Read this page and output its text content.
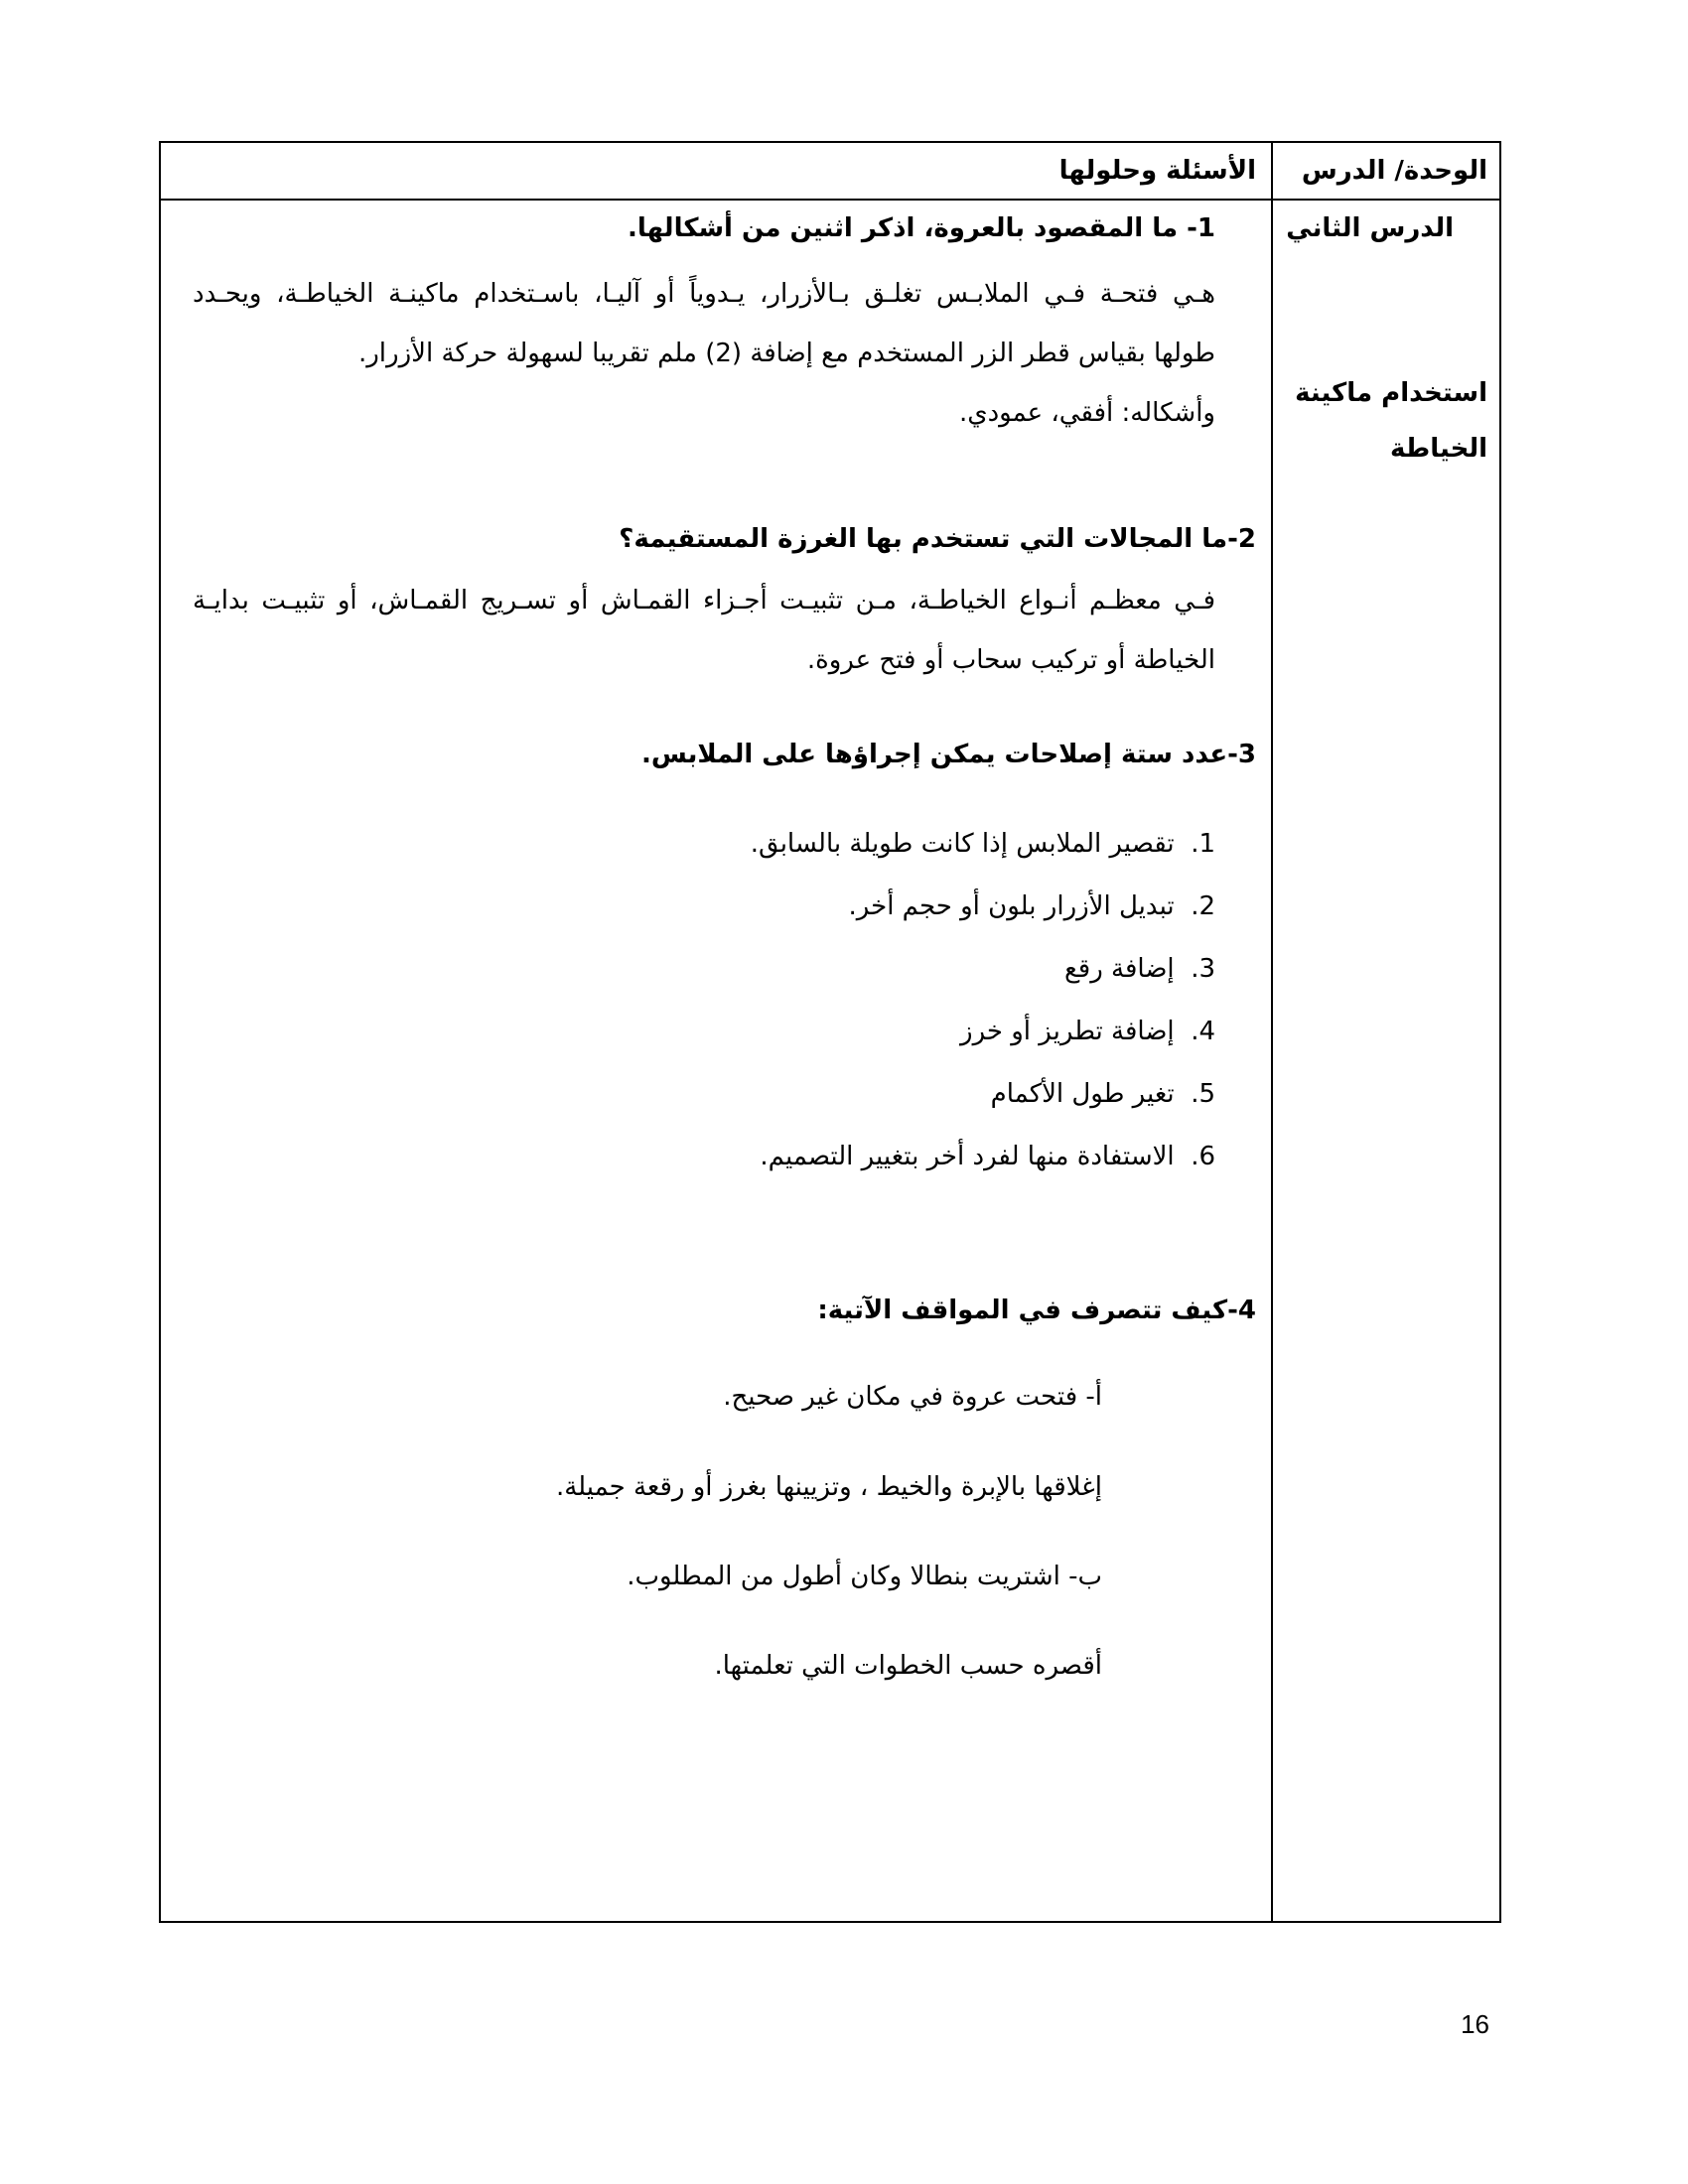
الوحدة/ الدرس
الأسئلة وحلولها
الدرس الثاني
استخدام ماكينة
الخياطة
1- ما المقصود بالعروة، اذكر اثنين من أشكالها.
هـي فتحـة فـي الملابـس تغلـق بـالأزرار، يـدوياً أو آليـا، باسـتخدام ماكينـة الخياطـة، ويحـدد
طولها بقياس قطر الزر المستخدم مع إضافة (2) ملم تقريبا لسهولة حركة الأزرار.
وأشكاله: أفقي، عمودي.
2-ما المجالات التي تستخدم بها الغرزة المستقيمة؟
فـي معظـم أنـواع الخياطـة، مـن تثبيـت أجـزاء القمـاش أو تسـريج القمـاش، أو تثبيـت بدايـة
الخياطة أو تركيب سحاب أو فتح عروة.
3-عدد ستة إصلاحات يمكن إجراؤها على الملابس.
1.  تقصير الملابس إذا كانت طويلة بالسابق.
2.  تبديل الأزرار بلون أو حجم أخر.
3.  إضافة رقع
4.  إضافة تطريز أو خرز
5.  تغير طول الأكمام
6.  الاستفادة منها لفرد أخر بتغيير التصميم.
4-كيف تتصرف في المواقف الآتية:
أ- فتحت عروة في مكان غير صحيح.
إغلاقها بالإبرة والخيط ، وتزيينها بغرز أو رقعة جميلة.
ب- اشتريت بنطالا وكان أطول من المطلوب.
أقصره حسب الخطوات التي تعلمتها.
16
